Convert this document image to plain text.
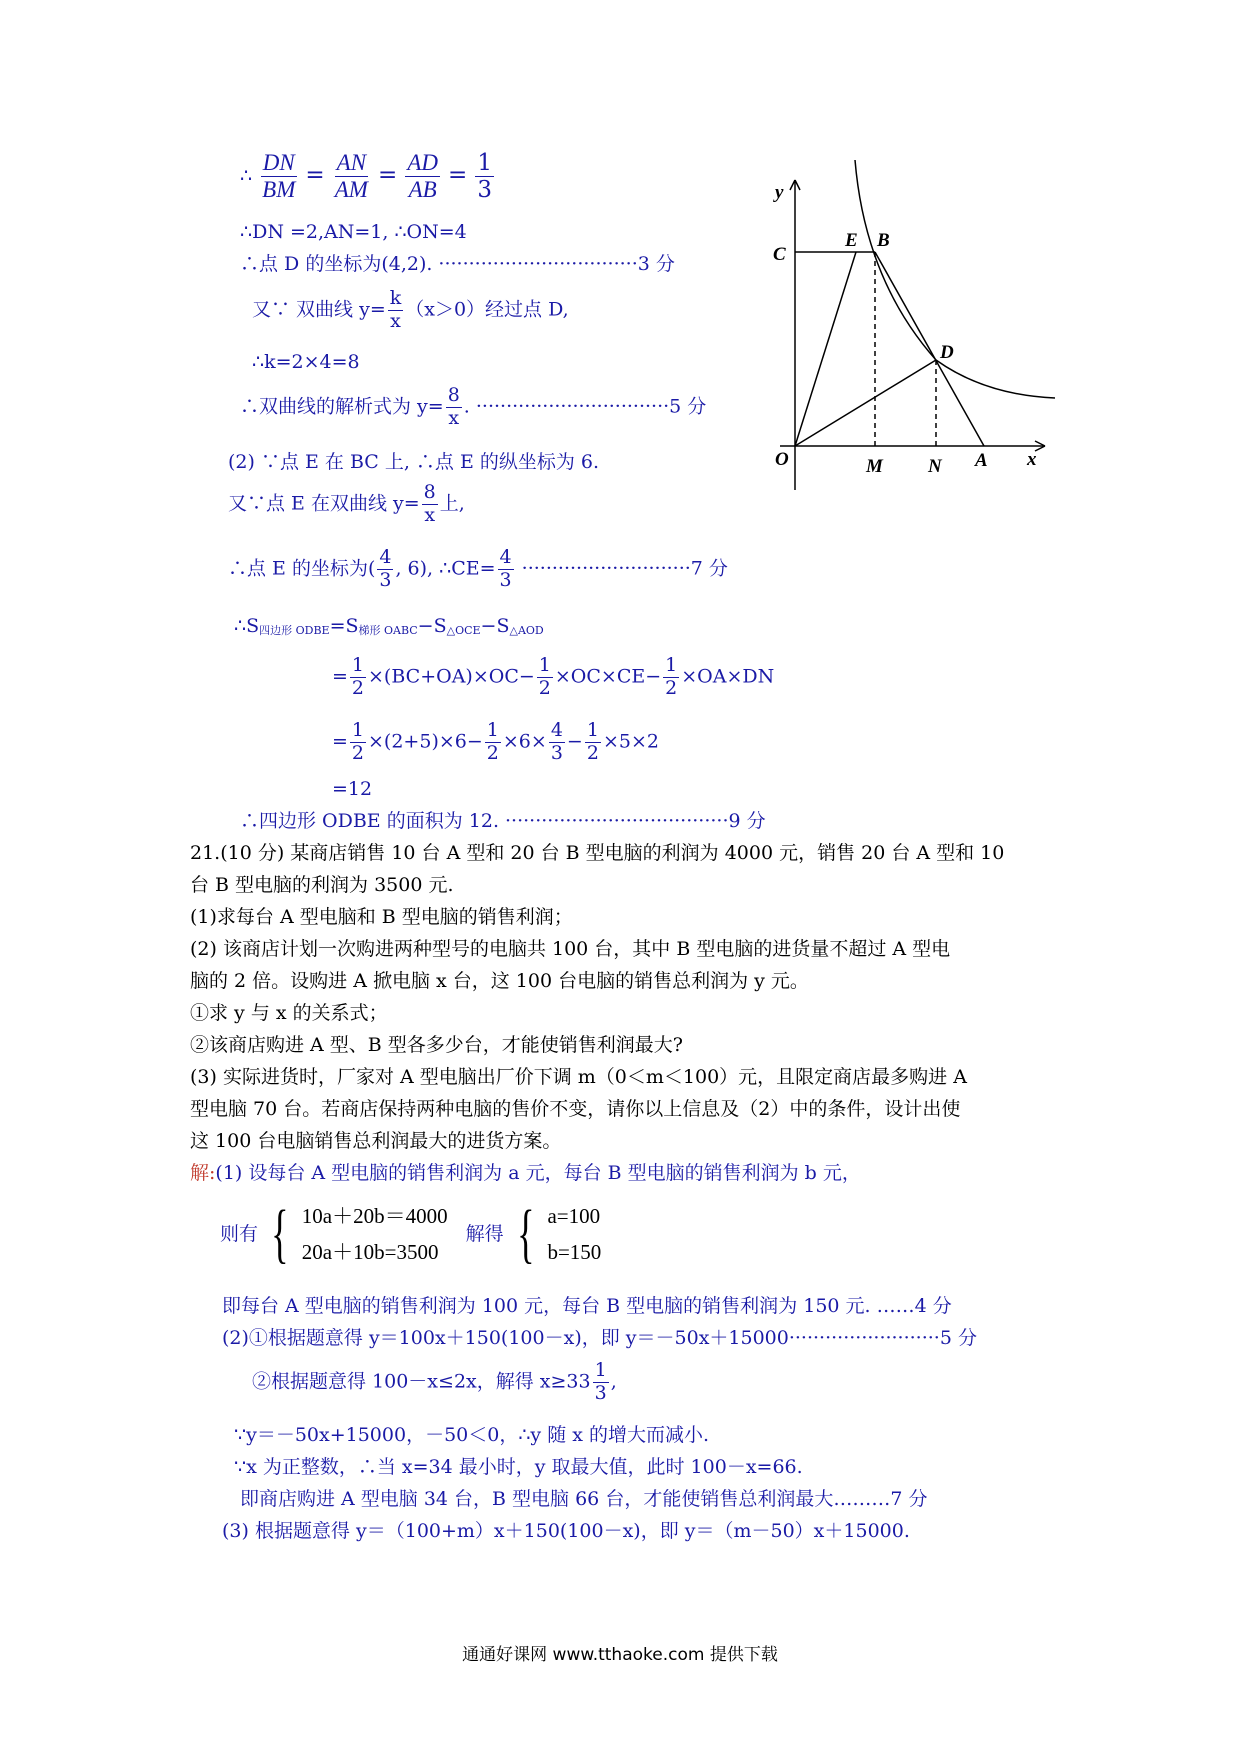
∴ $\frac{DN}{BM} = \frac{AN}{AM} = \frac{AD}{AB} = \frac{1}{3}$
∴DN =2,AN=1, ∴ON=4
∴点 D 的坐标为(4,2). ·································3 分
又∵ 双曲线 $y= \frac{k}{x} (x>0)$经过点 D,
∴k=2×4=8
∴双曲线的解析式为 $y= \frac{8}{x}$ . ································5 分
(2) ∵点 E 在 BC 上, ∴点 E 的纵坐标为 6.
又∵点 E 在双曲线 $y= \frac{8}{x}$ 上,
∴点 E 的坐标为( $\frac{4}{3}$ , 6), ∴CE= $\frac{4}{3} \cdot\cdot\cdot\cdot\cdot\cdot\cdot\cdot\cdot\cdot\cdot\cdot\cdot\cdot\cdot\cdot\cdot\cdot\cdot\cdot\cdot\cdot\cdot\cdot\cdot\cdot\cdot\cdot 7$ 分
∴S四边形 ODBE=S梯形 OABC−S△OCE−S△AOD
= $\frac{1}{2} \times(BC+OA)\times OC- \frac{1}{2} \times OC\times CE- \frac{1}{2} \times OA\times DN$
= $\frac{1}{2} \times(2+5)\times 6- \frac{1}{2} \times 6\times \frac{4}{3} - \frac{1}{2} \times 5\times 2$
=12
∴四边形 ODBE 的面积为 12. ·····································9 分
y
x
C
E B
D
O	M N A
21.(10 分) 某商店销售 10 台 A 型和 20 台 B 型电脑的利润为 4000 元，销售 20 台 A 型和 10
台 B 型电脑的利润为 3500 元.
(1)求每台 A 型电脑和 B 型电脑的销售利润；
(2) 该商店计划一次购进两种型号的电脑共 100 台，其中 B 型电脑的进货量不超过 A 型电
脑的 2 倍。设购进 A 掀电脑 x 台，这 100 台电脑的销售总利润为 y 元。
①求 y 与 x 的关系式；
②该商店购进 A 型、B 型各多少台，才能使销售利润最大?
(3) 实际进货时，厂家对 A 型电脑出厂价下调 m（0＜m＜100）元，且限定商店最多购进 A
型电脑 70 台。若商店保持两种电脑的售价不变，请你以上信息及（2）中的条件，设计出使
这 100 台电脑销售总利润最大的进货方案。
解:(1) 设每台 A 型电脑的销售利润为 a 元，每台 B 型电脑的销售利润为 b 元，
则有 { 10a＋20b＝4000
20a＋10b=3500
解得 { a=100
b=150
即每台 A 型电脑的销售利润为 100 元，每台 B 型电脑的销售利润为 150 元. ……4 分
(2)①根据题意得 y＝100x＋150(100－x)，即 y＝－50x＋15000·························5 分
②根据题意得 100－x≤2x，解得 $x\ge 33 \frac{1}{3}$ ,
∵y＝－50x+15000，－50＜0，∴y 随 x 的增大而减小.
∵x 为正整数，∴当 x=34 最小时，y 取最大值，此时 100－x=66.
即商店购进 A 型电脑 34 台，B 型电脑 66 台，才能使销售总利润最大………7 分
(3) 根据题意得 y＝（100+m）x＋150(100－x)，即 y＝（m－50）x＋15000.
通通好课网 www.tthaoke.com 提供下载
